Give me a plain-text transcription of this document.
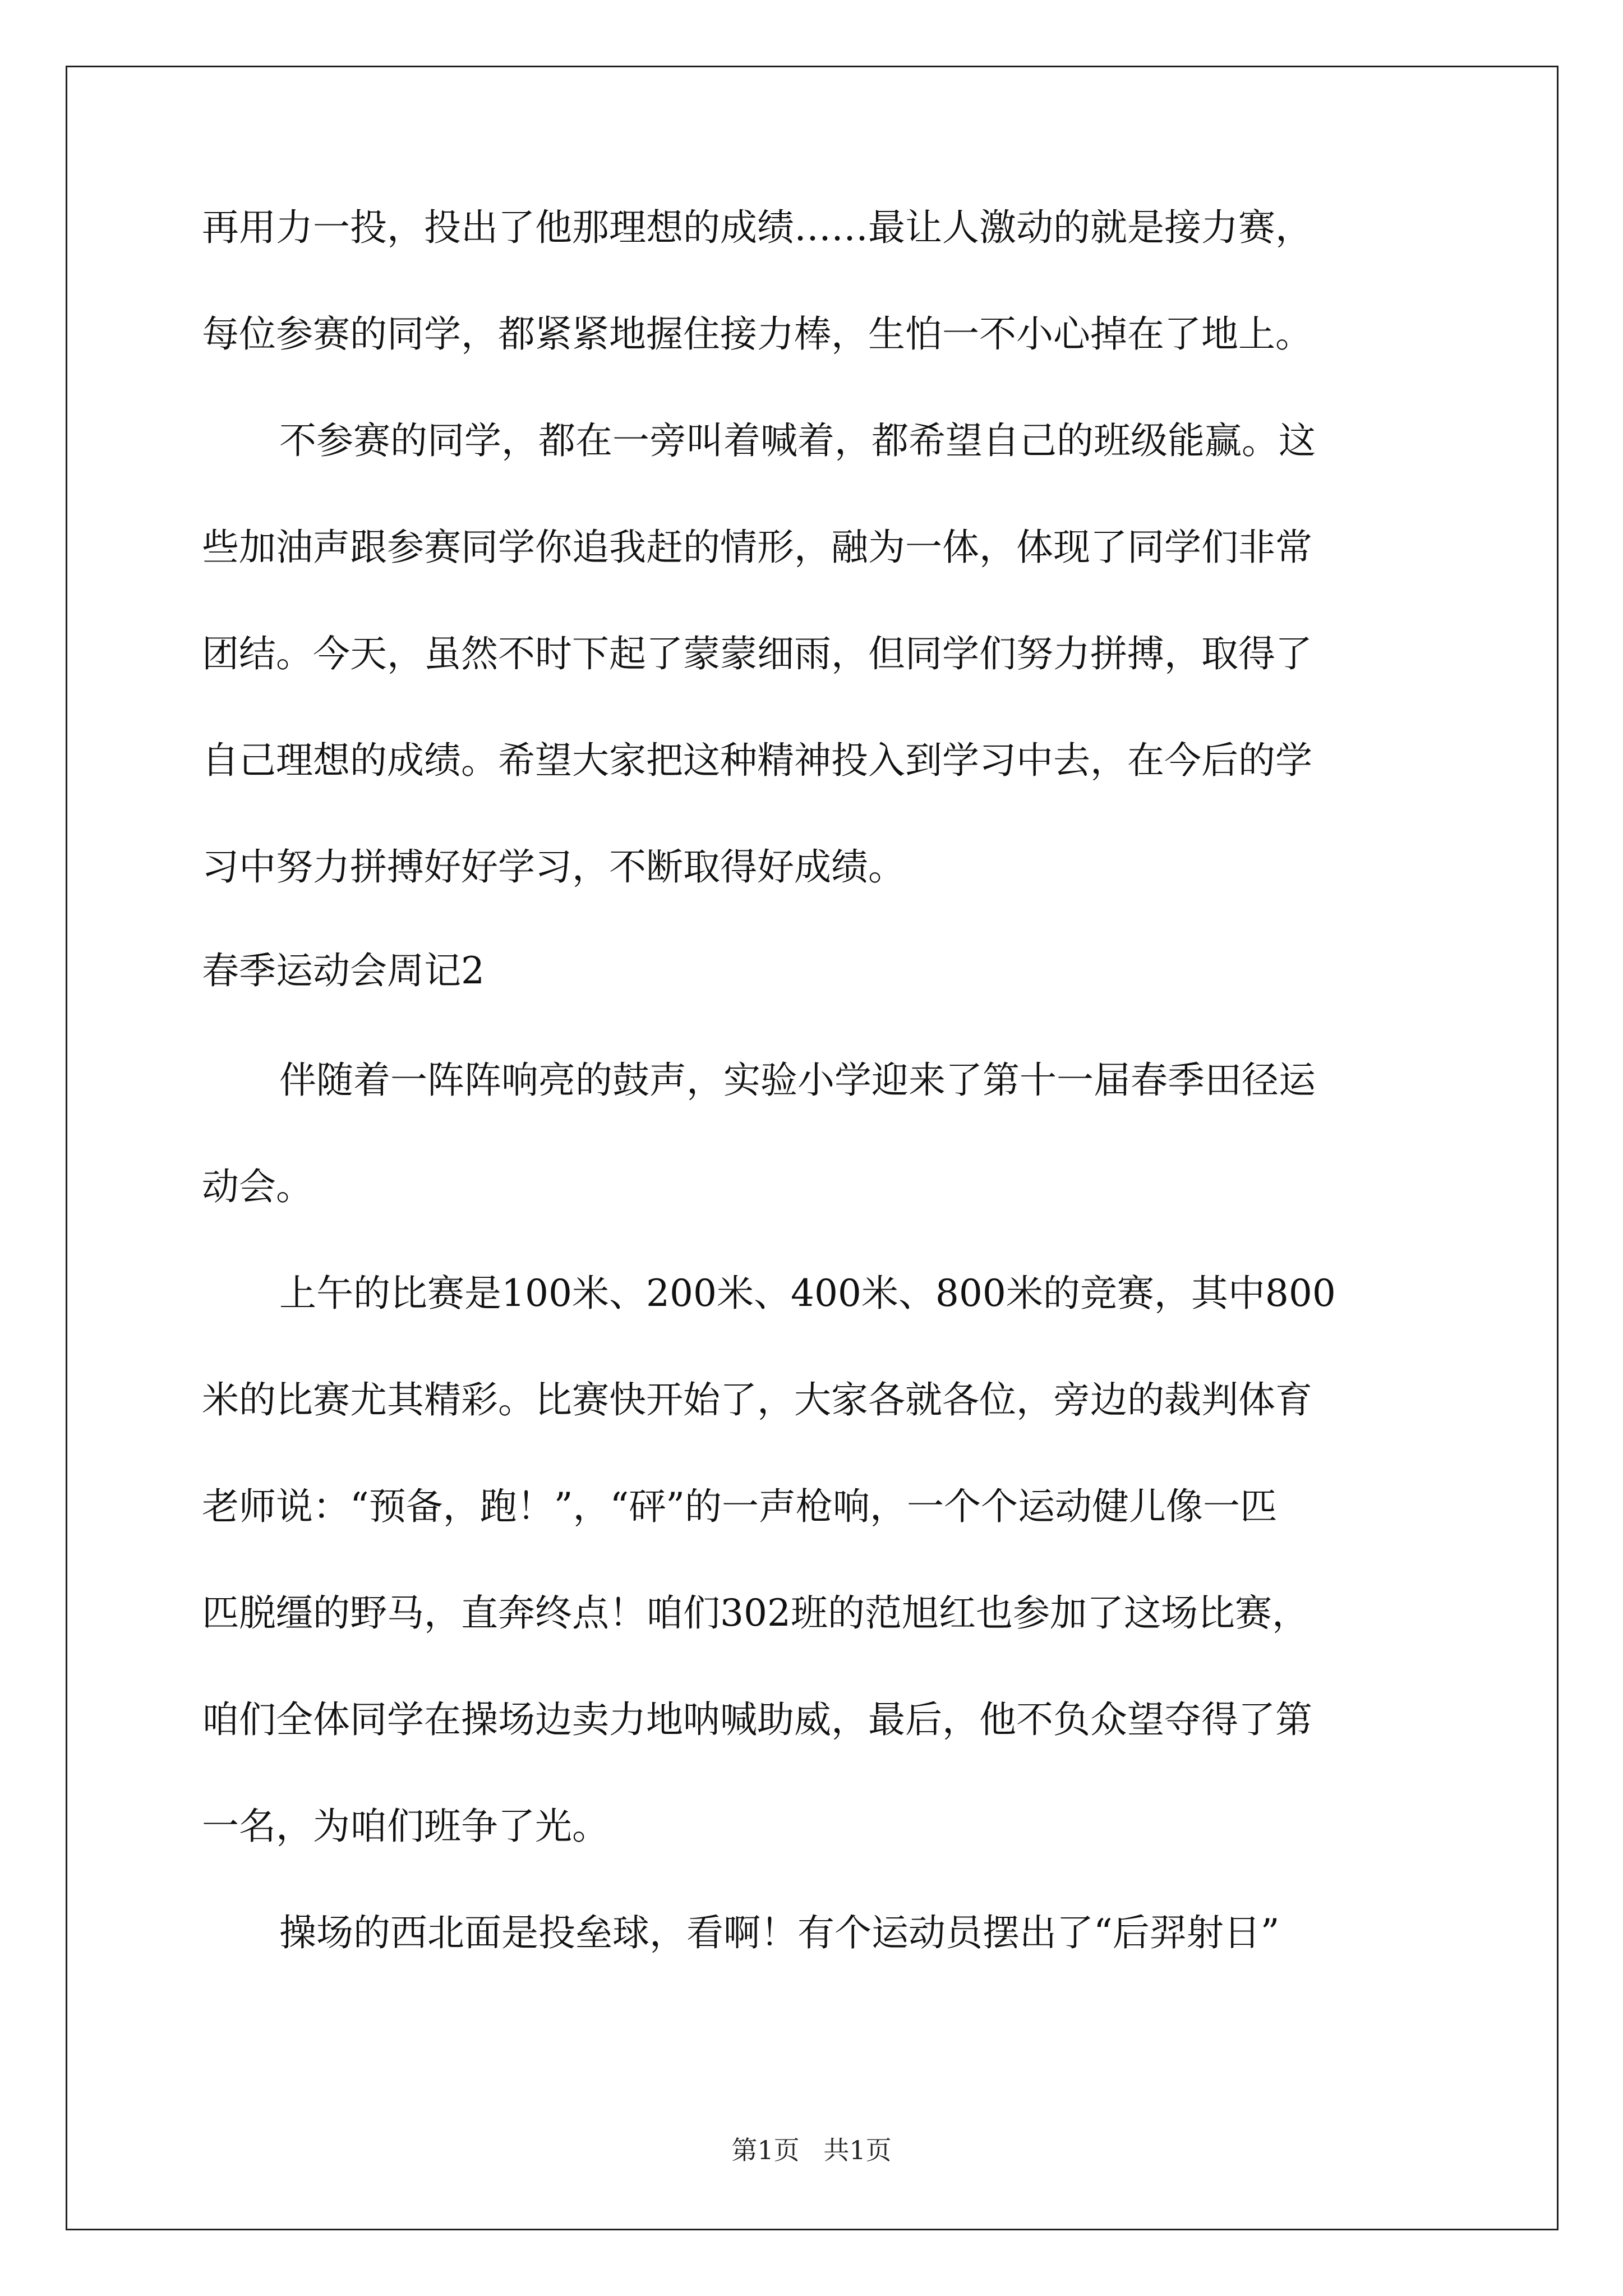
再用力一投，投出了他那理想的成绩……最让人激动的就是接力赛，
每位参赛的同学，都紧紧地握住接力棒，生怕一不小心掉在了地上。
不参赛的同学，都在一旁叫着喊着，都希望自己的班级能赢。这
些加油声跟参赛同学你追我赶的情形，融为一体，体现了同学们非常
团结。今天，虽然不时下起了蒙蒙细雨，但同学们努力拼搏，取得了
自己理想的成绩。希望大家把这种精神投入到学习中去，在今后的学
习中努力拼搏好好学习，不断取得好成绩。
春季运动会周记2
伴随着一阵阵响亮的鼓声，实验小学迎来了第十一届春季田径运
动会。
上午的比赛是100米、200米、400米、800米的竞赛，其中800
米的比赛尤其精彩。比赛快开始了，大家各就各位，旁边的裁判体育
老师说：“预备，跑！”，“砰”的一声枪响，一个个运动健儿像一匹
匹脱缰的野马，直奔终点！咱们302班的范旭红也参加了这场比赛，
咱们全体同学在操场边卖力地呐喊助威，最后，他不负众望夺得了第
一名，为咱们班争了光。
操场的西北面是投垒球，看啊！有个运动员摆出了“后羿射日”
第1页 共1页
